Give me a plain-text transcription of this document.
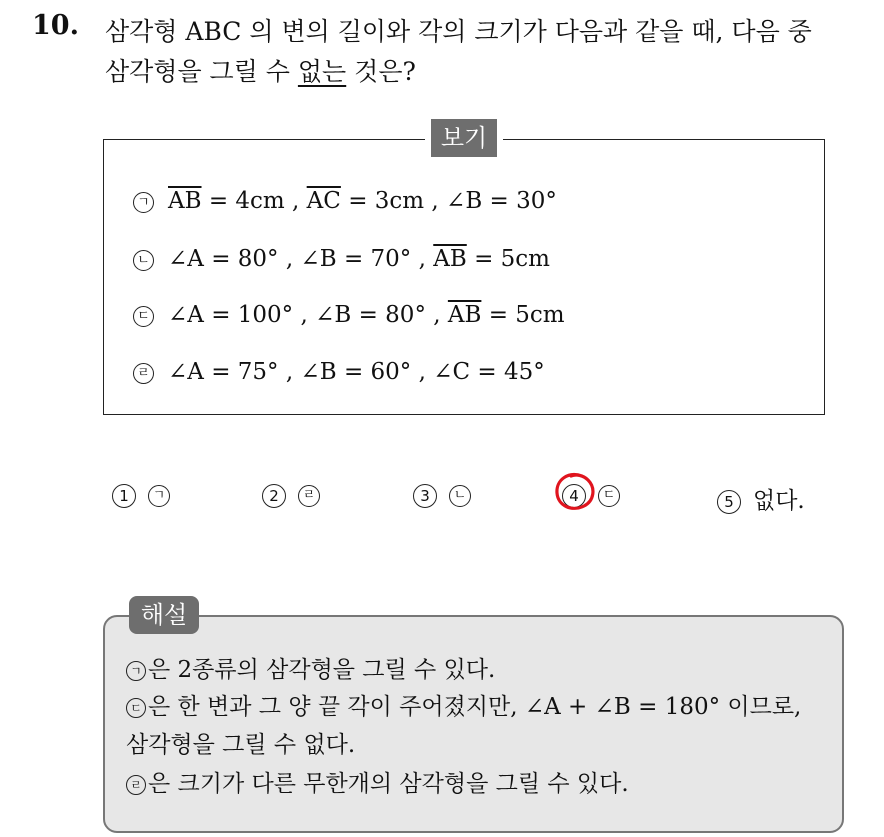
10. 삼각형 ABC 의 변의 길이와 각의 크기가 다음과 같을 때, 다음 중
삼각형을 그릴 수 없는 것은?
보기
ㄱ $\overline{AB} = 4cm$ , $\overline{AC} = 3cm$ , ∠B = 30°
ㄴ ∠A = 80° , ∠B = 70° , $\overline{AB} = 5cm$
ㄷ ∠A = 100° , ∠B = 80° , $\overline{AB} = 5cm$
ㄹ ∠A = 75° , ∠B = 60° , ∠C = 45°
1 ㄱ	2 ㄹ	3 ㄴ	4 ㄷ	5 없다.
해설
ㄱ 은 2종류의 삼각형을 그릴 수 있다.
ㄷ 은 한 변과 그 양 끝 각이 주어졌지만, ∠A + ∠B = 180° 이므로,
삼각형을 그릴 수 없다.
ㄹ 은 크기가 다른 무한개의 삼각형을 그릴 수 있다.
